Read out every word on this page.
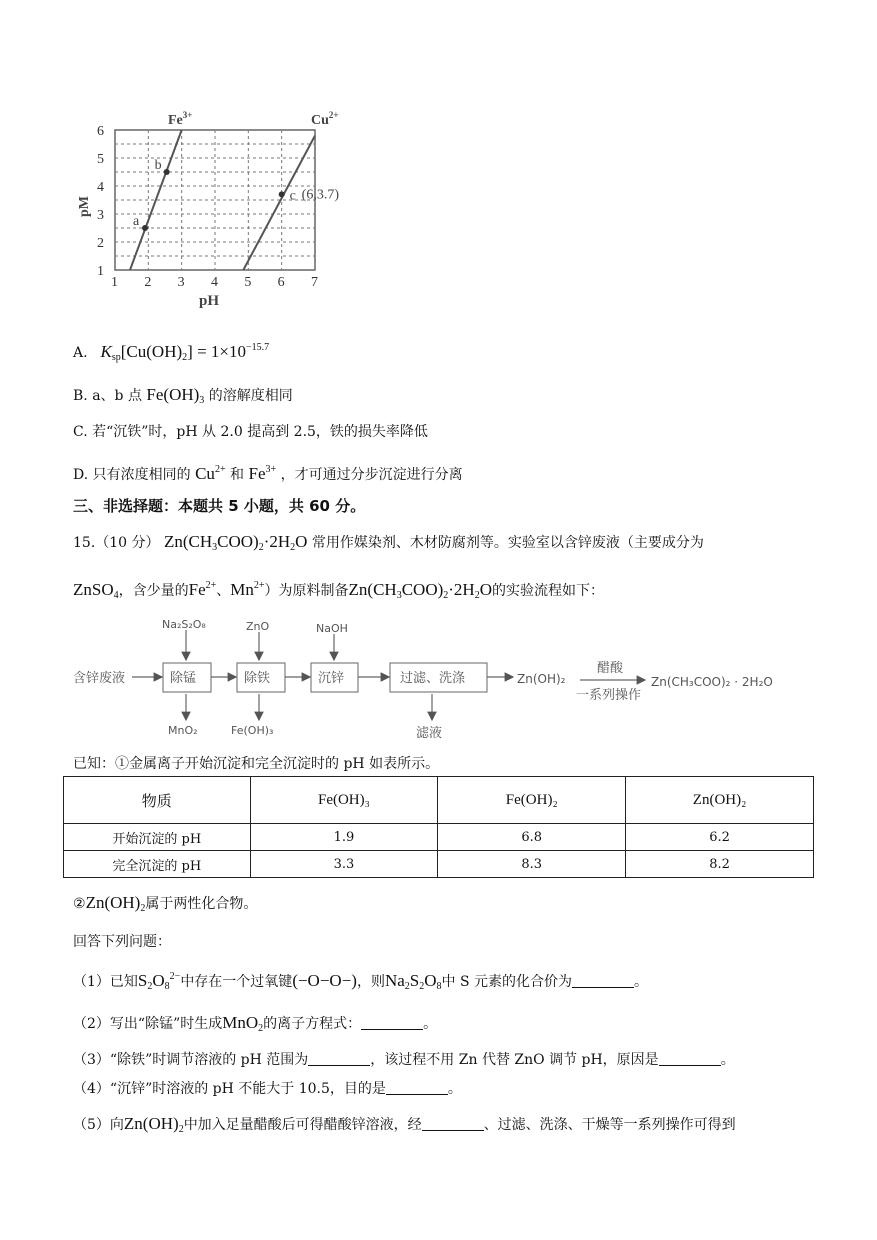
1 2 3 4 5 6 7
1
2
3
4
5
6
a
b
c (6,3.7)
$Fe^{3+}$	$Cu^{2+}$
pM
pH
A. $K_{sp}[Cu(OH)_2] = 1\times 10^{-15.7}$
B. a、b 点 $Fe(OH)_3$ 的溶解度相同
C. 若“沉铁”时，pH 从 2.0 提高到 2.5，铁的损失率降低
D. 只有浓度相同的 $Cu^{2+}$ 和 $Fe^{3+}$ ，才可通过分步沉淀进行分离
三、非选择题：本题共 5 小题，共 60 分。
15.（10 分） $Zn(CH_3COO)_2\cdot 2H_2O$ 常用作媒染剂、木材防腐剂等。实验室以含锌废液（主要成分为
ZnSO$_4$，含少量的$Fe^{2+}$、$Mn^{2+}$）为原料制备$Zn(CH_3COO)_2\cdot 2H_2O$的实验流程如下：
含锌废液	除锰	除铁	沉锌	过滤、洗涤
Na₂S₂O₈	ZnO	NaOH
MnO₂	Fe(OH)₃	滤液
Zn(OH)₂
醋酸
一系列操作
Zn(CH₃COO)₂ · 2H₂O
已知：①金属离子开始沉淀和完全沉淀时的 pH 如表所示。
物质	Fe(OH)₃	Fe(OH)₂	Zn(OH)₂
开始沉淀的 pH	1.9	6.8	6.2
完全沉淀的 pH	3.3	8.3	8.2
$②Zn(OH)_2$属于两性化合物。
回答下列问题：
（1）已知$S_2O_8^{2-}$中存在一个过氧键(−O−O−)，则$Na_2S_2O_8$中 S 元素的化合价为	。
（2）写出“除锰”时生成MnO$_2$的离子方程式：	。
（3）“除铁”时调节溶液的 pH 范围为	，该过程不用 Zn 代替 ZnO 调节 pH，原因是	。
（4）“沉锌”时溶液的 pH 不能大于 10.5，目的是	。
（5）向$Zn(OH)_2$中加入足量醋酸后可得醋酸锌溶液，经	、过滤、洗涤、干燥等一系列操作可得到
